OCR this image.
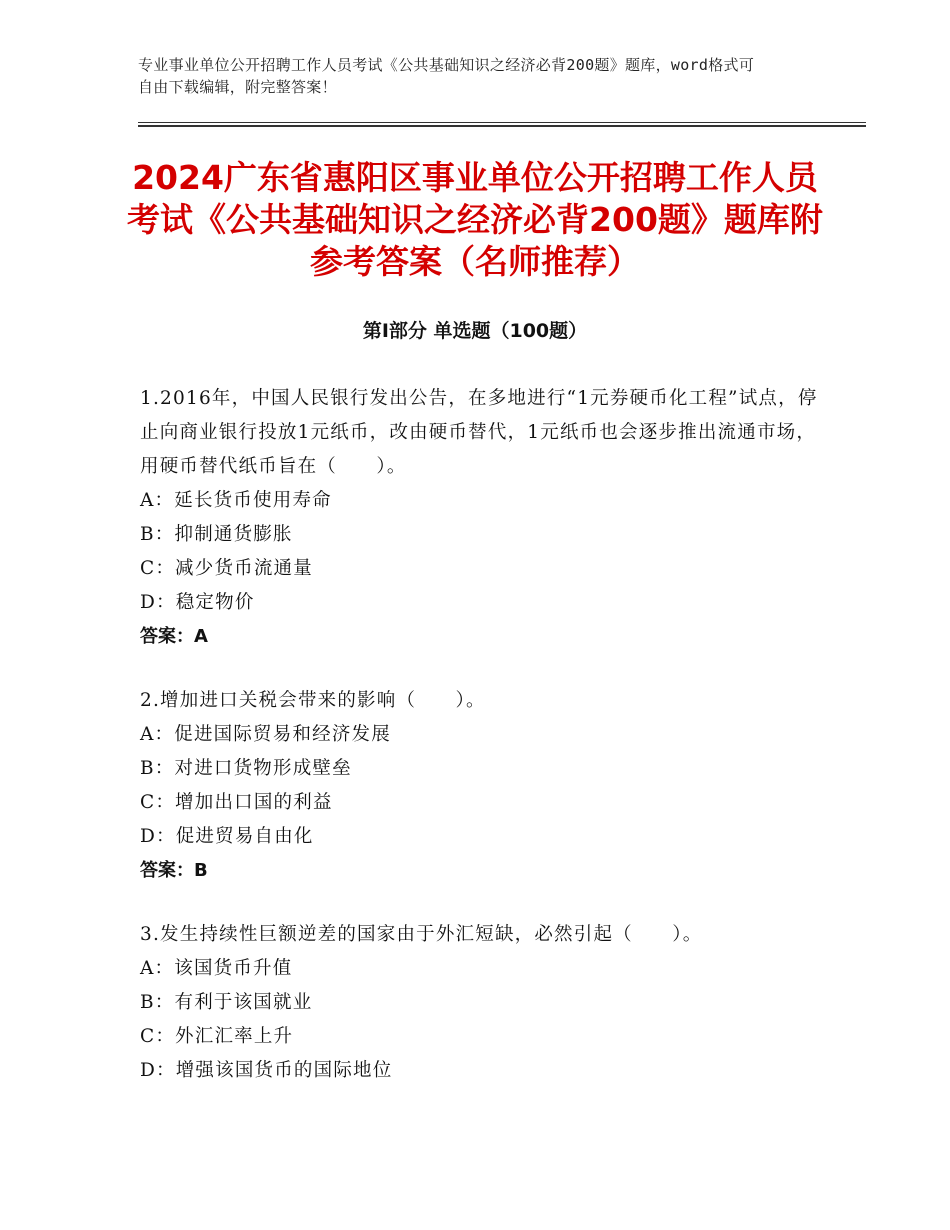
专业事业单位公开招聘工作人员考试《公共基础知识之经济必背200题》题库，word格式可自由下载编辑，附完整答案！
2024广东省惠阳区事业单位公开招聘工作人员考试《公共基础知识之经济必背200题》题库附参考答案（名师推荐）
第Ⅰ部分 单选题（100题）
1.2016年，中国人民银行发出公告，在多地进行“1元券硬币化工程”试点，停止向商业银行投放1元纸币，改由硬币替代，1元纸币也会逐步推出流通市场，用硬币替代纸币旨在（　　）。
A：延长货币使用寿命
B：抑制通货膨胀
C：减少货币流通量
D：稳定物价
答案：A
2.增加进口关税会带来的影响（　　）。
A：促进国际贸易和经济发展
B：对进口货物形成壁垒
C：增加出口国的利益
D：促进贸易自由化
答案：B
3.发生持续性巨额逆差的国家由于外汇短缺，必然引起（　　）。
A：该国货币升值
B：有利于该国就业
C：外汇汇率上升
D：增强该国货币的国际地位
